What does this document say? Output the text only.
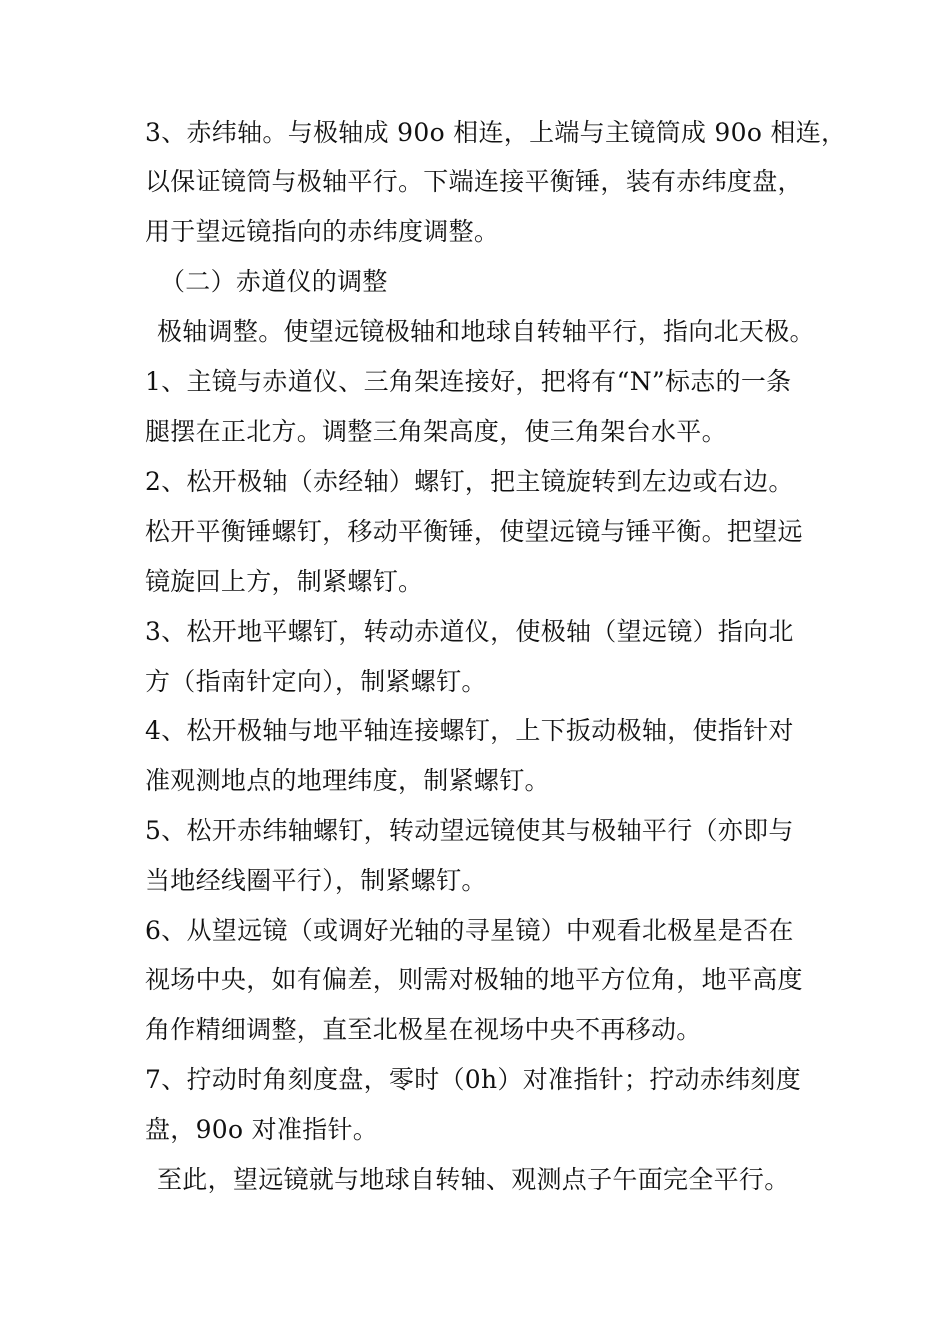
3、赤纬轴。与极轴成 90o 相连，上端与主镜筒成 90o 相连，
以保证镜筒与极轴平行。下端连接平衡锤，装有赤纬度盘，
用于望远镜指向的赤纬度调整。
（二）赤道仪的调整
极轴调整。使望远镜极轴和地球自转轴平行，指向北天极。
1、主镜与赤道仪、三角架连接好，把将有“N”标志的一条
腿摆在正北方。调整三角架高度，使三角架台水平。
2、松开极轴（赤经轴）螺钉，把主镜旋转到左边或右边。
松开平衡锤螺钉，移动平衡锤，使望远镜与锤平衡。把望远
镜旋回上方，制紧螺钉。
3、松开地平螺钉，转动赤道仪，使极轴（望远镜）指向北
方（指南针定向），制紧螺钉。
4、松开极轴与地平轴连接螺钉，上下扳动极轴，使指针对
准观测地点的地理纬度，制紧螺钉。
5、松开赤纬轴螺钉，转动望远镜使其与极轴平行（亦即与
当地经线圈平行），制紧螺钉。
6、从望远镜（或调好光轴的寻星镜）中观看北极星是否在
视场中央，如有偏差，则需对极轴的地平方位角，地平高度
角作精细调整，直至北极星在视场中央不再移动。
7、拧动时角刻度盘，零时（0h）对准指针；拧动赤纬刻度
盘，90o 对准指针。
至此，望远镜就与地球自转轴、观测点子午面完全平行。
